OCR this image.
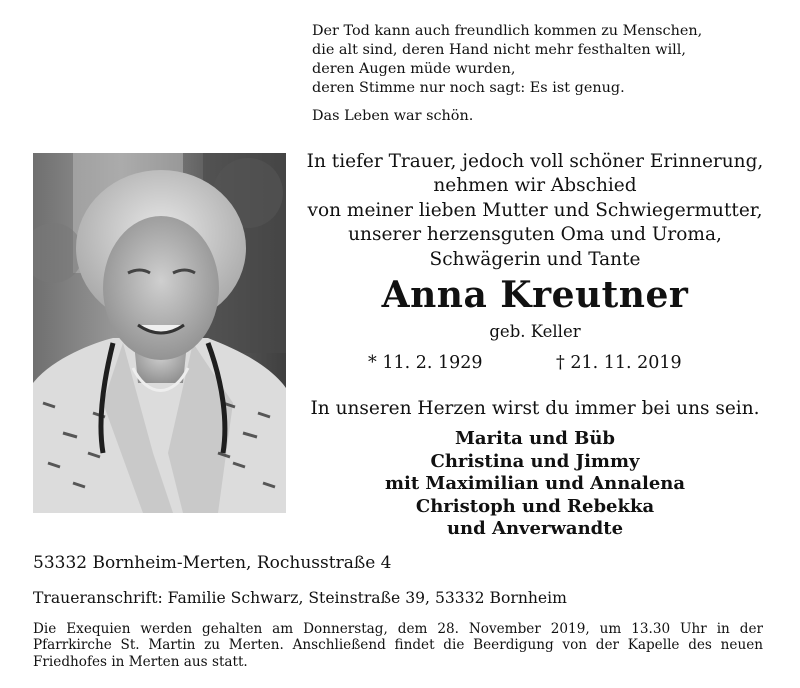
Der Tod kann auch freundlich kommen zu Menschen,
die alt sind, deren Hand nicht mehr festhalten will,
deren Augen müde wurden,
deren Stimme nur noch sagt: Es ist genug.
Das Leben war schön.
In tiefer Trauer, jedoch voll schöner Erinnerung,
nehmen wir Abschied
von meiner lieben Mutter und Schwiegermutter,
unserer herzensguten Oma und Uroma,
Schwägerin und Tante
Anna Kreutner
geb. Keller
* 11. 2. 1929	† 21. 11. 2019
In unseren Herzen wirst du immer bei uns sein.
Marita und Büb
Christina und Jimmy
mit Maximilian und Annalena
Christoph und Rebekka
und Anverwandte
53332 Bornheim-Merten, Rochusstraße 4
Traueranschrift: Familie Schwarz, Steinstraße 39, 53332 Bornheim
Die Exequien werden gehalten am Donnerstag, dem 28. November 2019, um 13.30 Uhr in der Pfarrkirche St. Martin zu Merten. Anschließend findet die Beerdigung von der Kapelle des neuen Friedhofes in Merten aus statt.
